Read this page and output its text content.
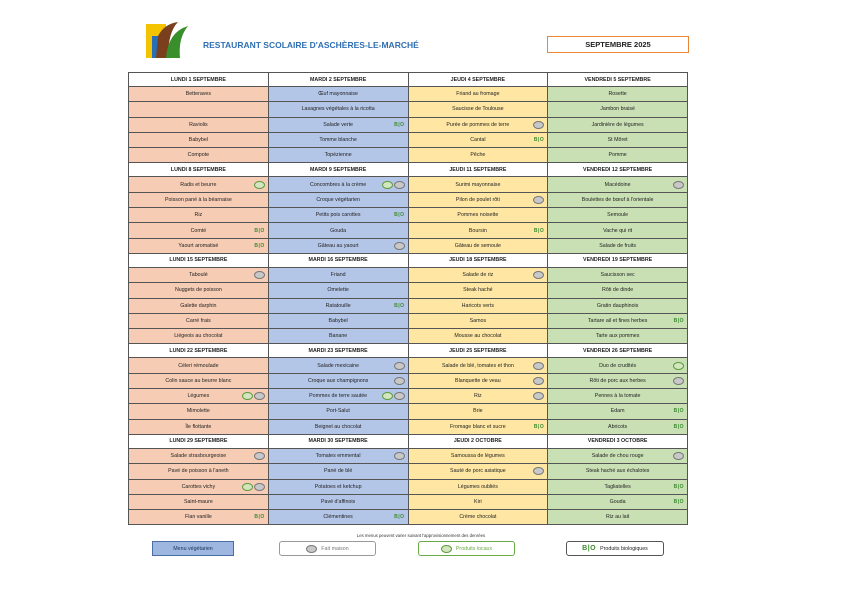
RESTAURANT SCOLAIRE D'ASCHÈRES-LE-MARCHÉ	SEPTEMBRE 2025
LUNDI 1 SEPTEMBRE	MARDI 2 SEPTEMBRE	JEUDI 4 SEPTEMBRE	VENDREDI 5 SEPTEMBRE
Betteraves	Œuf mayonnaise	Friand au fromage	Rosette
	Lasagnes végétales à la ricotta	Saucisse de Toulouse	Jambon braisé
Raviolis	Salade verte B|O	Purée de pommes de terre	Jardinière de légumes
Babybel	Tomme blanche	Cantal B|O	St Môret
Compote	Topézienne	Pêche	Pomme
LUNDI 8 SEPTEMBRE	MARDI 9 SEPTEMBRE	JEUDI 11 SEPTEMBRE	VENDREDI 12 SEPTEMBRE
Radis et beurre	Concombres à la crème	Surimi mayonnaise	Macédoine

Poisson pané à la béarnaise	Croque végétarien	Pilon de poulet rôti	Boulettes de bœuf à l'orientale
Riz	Petits pois carottes B|O	Pommes noisette	Semoule
Comté B|O	Gouda	Boursin B|O	Vache qui rit
Yaourt aromatisé B|O	Gâteau au yaourt	Gâteau de semoule	Salade de fruits
LUNDI 15 SEPTEMBRE	MARDI 16 SEPTEMBRE	JEUDI 18 SEPTEMBRE	VENDREDI 19 SEPTEMBRE
Taboulé	Friand	Salade de riz	Saucisson sec
Nuggets de poisson	Omelette	Steak haché	Rôti de dinde
Galette darphin	Ratatouille B|O	Haricots verts	Gratin dauphinois
Carré frais	Babybel	Samos	Tartare ail et fines herbes B|O

Liégeois au chocolat	Banane	Mousse au chocolat	Tarte aux pommes
LUNDI 22 SEPTEMBRE	MARDI 23 SEPTEMBRE	JEUDI 25 SEPTEMBRE	VENDREDI 26 SEPTEMBRE
Céleri rémoulade	Salade mexicaine	Salade de blé, tomates et thon	Duo de crudités

Colin sauce au beurre blanc	Croque aux champignons	Blanquette de veau	Rôti de porc aux herbes

Légumes	Pommes de terre sautée	Riz	Pennes à la tomate
Mimolette	Port-Salut	Brie	Edam B|O

Île flottante	Beignet au chocolat	Fromage blanc et sucre B|O	Abricots B|O

LUNDI 29 SEPTEMBRE	MARDI 30 SEPTEMBRE	JEUDI 2 OCTOBRE	VENDREDI 3 OCTOBRE
Salade strasbourgeoise	Tomates emmental	Samoussa de légumes	Salade de chou rouge

Pavé de poisson à l'aneth	Pané de blé	Sauté de porc asiatique	Steak haché aux échalotes
Carottes vichy	Potatoes et ketchup	Légumes oubliés	Tagliatelles B|O

Saint-maure	Pavé d'affinois	Kiri	Gouda B|O

Flan vanille B|O	Clémentines B|O	Crème chocolat	Riz au lait
Les menus peuvent varier suivant l'approvisionnement des denrées
Menu végétarien	Fait maison	Produits locaux	B|O Produits biologiques
